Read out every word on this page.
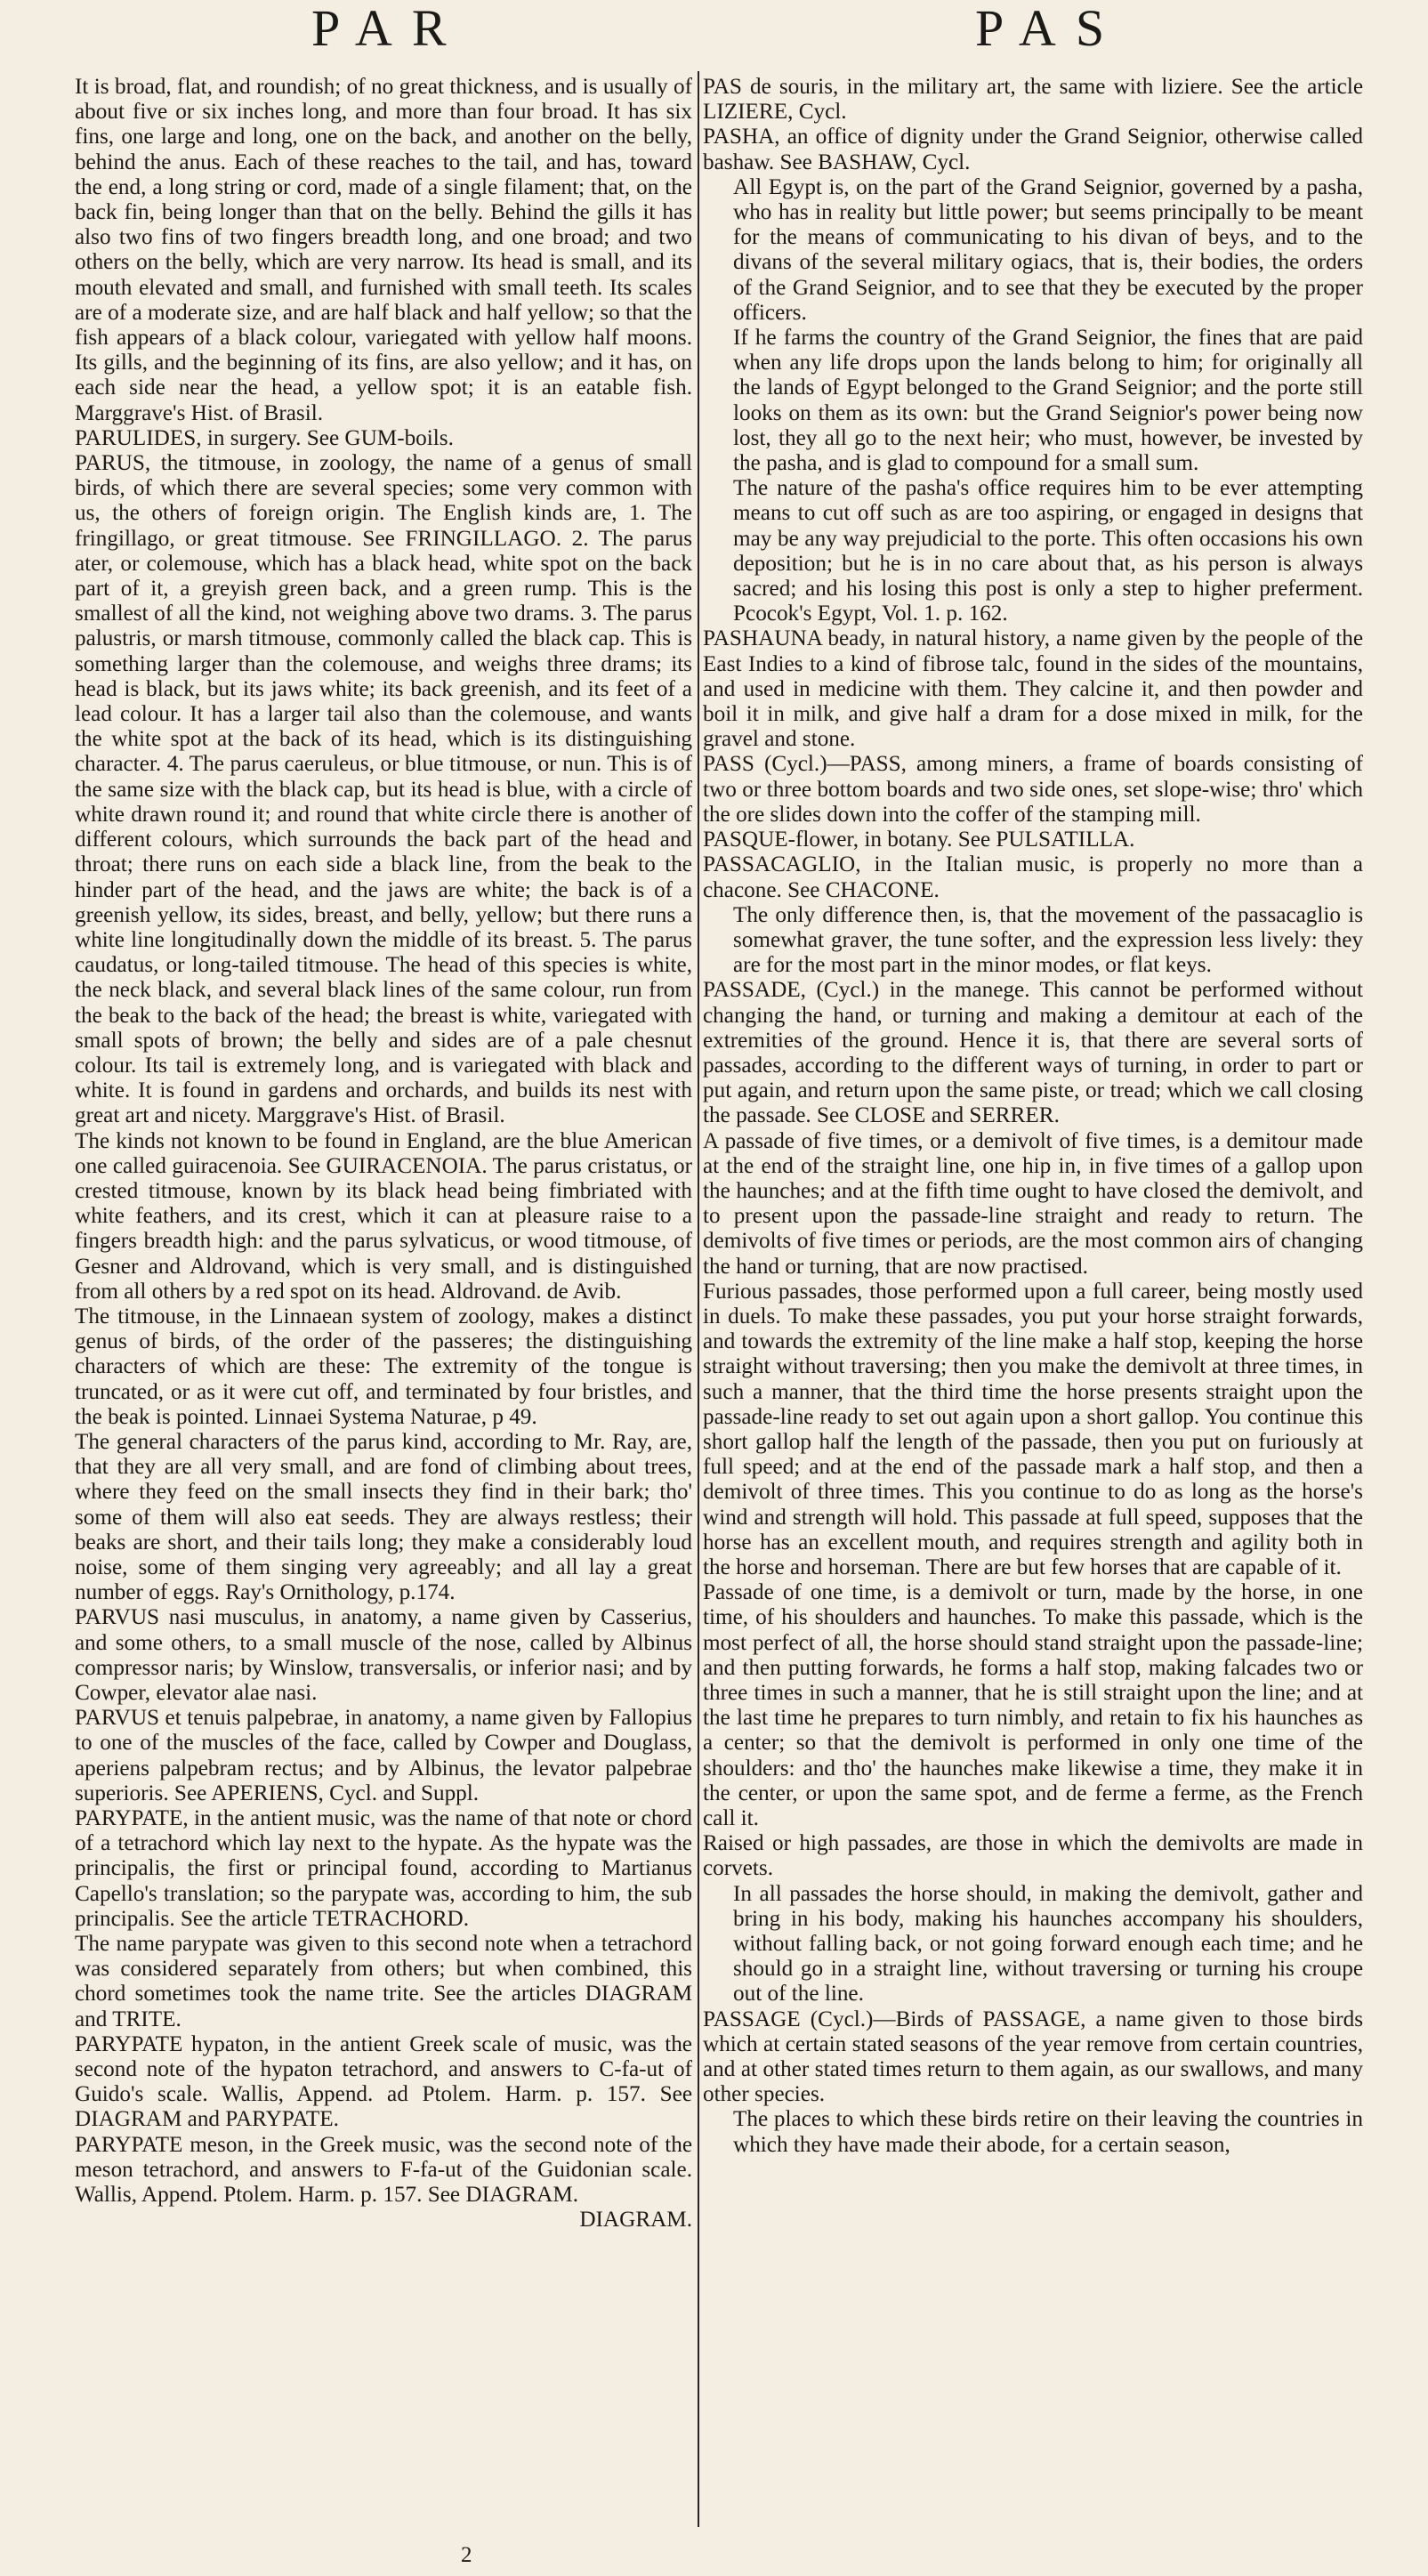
PAR	PAS

It is broad, flat, and roundish; of no great thickness, and is usually of about five or six inches long, and more than four broad. It has six fins, one large and long, one on the back, and another on the belly, behind the anus. Each of these reaches to the tail, and has, toward the end, a long string or cord, made of a single filament; that, on the back fin, being longer than that on the belly. Behind the gills it has also two fins of two fingers breadth long, and one broad; and two others on the belly, which are very narrow. Its head is small, and its mouth elevated and small, and furnished with small teeth. Its scales are of a moderate size, and are half black and half yellow; so that the fish appears of a black colour, variegated with yellow half moons. Its gills, and the beginning of its fins, are also yellow; and it has, on each side near the head, a yellow spot; it is an eatable fish. Marggrave's Hist. of Brasil.

PARULIDES, in surgery. See GUM-boils.

PARUS, the titmouse, in zoology, the name of a genus of small birds, of which there are several species; some very common with us, the others of foreign origin. The English kinds are, 1. The fringillago, or great titmouse. See FRINGILLAGO. 2. The parus ater, or colemouse, which has a black head, white spot on the back part of it, a greyish green back, and a green rump. This is the smallest of all the kind, not weighing above two drams. 3. The parus palustris, or marsh titmouse, commonly called the black cap. This is something larger than the colemouse, and weighs three drams; its head is black, but its jaws white; its back greenish, and its feet of a lead colour. It has a larger tail also than the colemouse, and wants the white spot at the back of its head, which is its distinguishing character. 4. The parus caeruleus, or blue titmouse, or nun. This is of the same size with the black cap, but its head is blue, with a circle of white drawn round it; and round that white circle there is another of different colours, which surrounds the back part of the head and throat; there runs on each side a black line, from the beak to the hinder part of the head, and the jaws are white; the back is of a greenish yellow, its sides, breast, and belly, yellow; but there runs a white line longitudinally down the middle of its breast. 5. The parus caudatus, or long-tailed titmouse. The head of this species is white, the neck black, and several black lines of the same colour, run from the beak to the back of the head; the breast is white, variegated with small spots of brown; the belly and sides are of a pale chesnut colour. Its tail is extremely long, and is variegated with black and white. It is found in gardens and orchards, and builds its nest with great art and nicety. Marggrave's Hist. of Brasil.

The kinds not known to be found in England, are the blue American one called guiracenoia. See GUIRACENOIA. The parus cristatus, or crested titmouse, known by its black head being fimbriated with white feathers, and its crest, which it can at pleasure raise to a fingers breadth high: and the parus sylvaticus, or wood titmouse, of Gesner and Aldrovand, which is very small, and is distinguished from all others by a red spot on its head. Aldrovand. de Avib.

The titmouse, in the Linnaean system of zoology, makes a distinct genus of birds, of the order of the passeres; the distinguishing characters of which are these: The extremity of the tongue is truncated, or as it were cut off, and terminated by four bristles, and the beak is pointed. Linnaei Systema Naturae, p 49.

The general characters of the parus kind, according to Mr. Ray, are, that they are all very small, and are fond of climbing about trees, where they feed on the small insects they find in their bark; tho' some of them will also eat seeds. They are always restless; their beaks are short, and their tails long; they make a considerably loud noise, some of them singing very agreeably; and all lay a great number of eggs. Ray's Ornithology, p.174.

PARVUS nasi musculus, in anatomy, a name given by Casserius, and some others, to a small muscle of the nose, called by Albinus compressor naris; by Winslow, transversalis, or inferior nasi; and by Cowper, elevator alae nasi.

PARVUS et tenuis palpebrae, in anatomy, a name given by Fallopius to one of the muscles of the face, called by Cowper and Douglass, aperiens palpebram rectus; and by Albinus, the levator palpebrae superioris. See APERIENS, Cycl. and Suppl.

PARYPATE, in the antient music, was the name of that note or chord of a tetrachord which lay next to the hypate. As the hypate was the principalis, the first or principal found, according to Martianus Capello's translation; so the parypate was, according to him, the sub principalis. See the article TETRACHORD.

The name parypate was given to this second note when a tetrachord was considered separately from others; but when combined, this chord sometimes took the name trite. See the articles DIAGRAM and TRITE.

PARYPATE hypaton, in the antient Greek scale of music, was the second note of the hypaton tetrachord, and answers to C-fa-ut of Guido's scale. Wallis, Append. ad Ptolem. Harm. p. 157. See DIAGRAM and PARYPATE.

PARYPATE meson, in the Greek music, was the second note of the meson tetrachord, and answers to F-fa-ut of the Guidonian scale. Wallis, Append. Ptolem. Harm. p. 157. See DIAGRAM.

DIAGRAM.

PAS de souris, in the military art, the same with liziere. See the article LIZIERE, Cycl.

PASHA, an office of dignity under the Grand Seignior, otherwise called bashaw. See BASHAW, Cycl.

All Egypt is, on the part of the Grand Seignior, governed by a pasha, who has in reality but little power; but seems principally to be meant for the means of communicating to his divan of beys, and to the divans of the several military ogiacs, that is, their bodies, the orders of the Grand Seignior, and to see that they be executed by the proper officers.

If he farms the country of the Grand Seignior, the fines that are paid when any life drops upon the lands belong to him; for originally all the lands of Egypt belonged to the Grand Seignior; and the porte still looks on them as its own: but the Grand Seignior's power being now lost, they all go to the next heir; who must, however, be invested by the pasha, and is glad to compound for a small sum.

The nature of the pasha's office requires him to be ever attempting means to cut off such as are too aspiring, or engaged in designs that may be any way prejudicial to the porte. This often occasions his own deposition; but he is in no care about that, as his person is always sacred; and his losing this post is only a step to higher preferment. Pcocok's Egypt, Vol. 1. p. 162.

PASHAUNA beady, in natural history, a name given by the people of the East Indies to a kind of fibrose talc, found in the sides of the mountains, and used in medicine with them. They calcine it, and then powder and boil it in milk, and give half a dram for a dose mixed in milk, for the gravel and stone.

PASS (Cycl.)—PASS, among miners, a frame of boards consisting of two or three bottom boards and two side ones, set slope-wise; thro' which the ore slides down into the coffer of the stamping mill.

PASQUE-flower, in botany. See PULSATILLA.

PASSACAGLIO, in the Italian music, is properly no more than a chacone. See CHACONE.

The only difference then, is, that the movement of the passacaglio is somewhat graver, the tune softer, and the expression less lively: they are for the most part in the minor modes, or flat keys.

PASSADE, (Cycl.) in the manege. This cannot be performed without changing the hand, or turning and making a demitour at each of the extremities of the ground. Hence it is, that there are several sorts of passades, according to the different ways of turning, in order to part or put again, and return upon the same piste, or tread; which we call closing the passade. See CLOSE and SERRER.

A passade of five times, or a demivolt of five times, is a demitour made at the end of the straight line, one hip in, in five times of a gallop upon the haunches; and at the fifth time ought to have closed the demivolt, and to present upon the passade-line straight and ready to return. The demivolts of five times or periods, are the most common airs of changing the hand or turning, that are now practised.

Furious passades, those performed upon a full career, being mostly used in duels. To make these passades, you put your horse straight forwards, and towards the extremity of the line make a half stop, keeping the horse straight without traversing; then you make the demivolt at three times, in such a manner, that the third time the horse presents straight upon the passade-line ready to set out again upon a short gallop. You continue this short gallop half the length of the passade, then you put on furiously at full speed; and at the end of the passade mark a half stop, and then a demivolt of three times. This you continue to do as long as the horse's wind and strength will hold. This passade at full speed, supposes that the horse has an excellent mouth, and requires strength and agility both in the horse and horseman. There are but few horses that are capable of it.

Passade of one time, is a demivolt or turn, made by the horse, in one time, of his shoulders and haunches. To make this passade, which is the most perfect of all, the horse should stand straight upon the passade-line; and then putting forwards, he forms a half stop, making falcades two or three times in such a manner, that he is still straight upon the line; and at the last time he prepares to turn nimbly, and retain to fix his haunches as a center; so that the demivolt is performed in only one time of the shoulders: and tho' the haunches make likewise a time, they make it in the center, or upon the same spot, and de ferme a ferme, as the French call it.

Raised or high passades, are those in which the demivolts are made in corvets.

In all passades the horse should, in making the demivolt, gather and bring in his body, making his haunches accompany his shoulders, without falling back, or not going forward enough each time; and he should go in a straight line, without traversing or turning his croupe out of the line.

PASSAGE (Cycl.)—Birds of PASSAGE, a name given to those birds which at certain stated seasons of the year remove from certain countries, and at other stated times return to them again, as our swallows, and many other species.

The places to which these birds retire on their leaving the countries in which they have made their abode, for a certain season,

2
